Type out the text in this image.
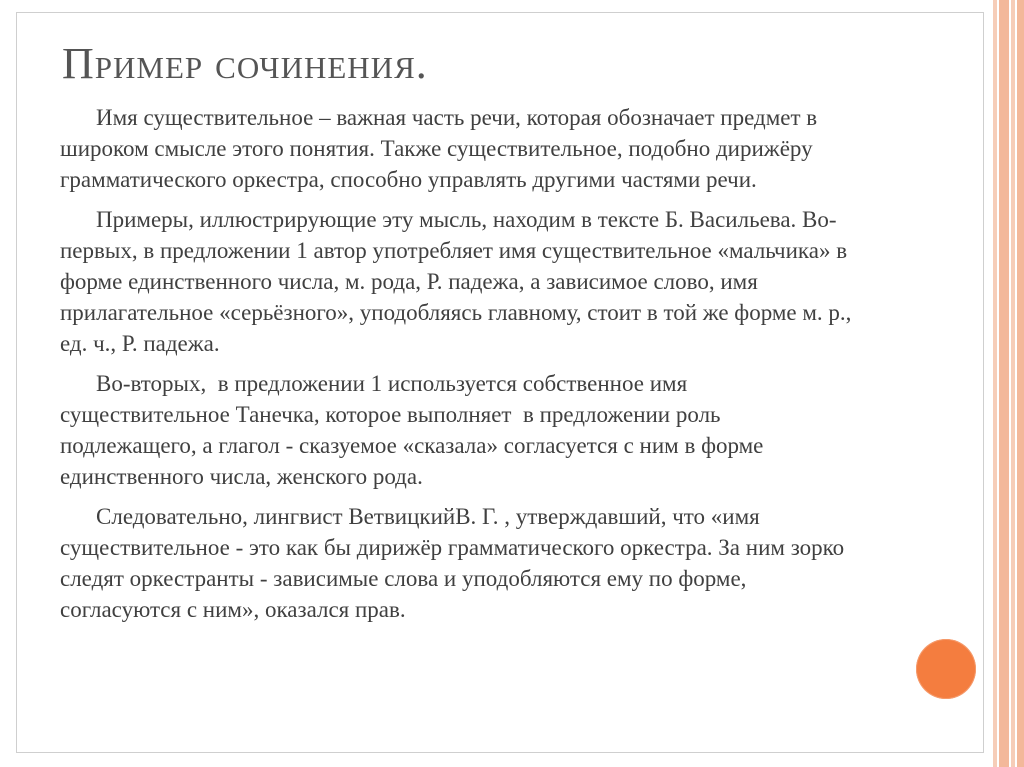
Пример сочинения.

Имя существительное – важная часть речи, которая обозначает предмет в широком смысле этого понятия. Также существительное, подобно дирижёру грамматического оркестра, способно управлять другими частями речи.

Примеры, иллюстрирующие эту мысль, находим в тексте Б. Васильева. Во-первых, в предложении 1 автор употребляет имя существительное «мальчика» в форме единственного числа, м. рода, Р. падежа, а зависимое слово, имя прилагательное «серьёзного», уподобляясь главному, стоит в той же форме м. р., ед. ч., Р. падежа.

Во-вторых,  в предложении 1 используется собственное имя существительное Танечка, которое выполняет  в предложении роль подлежащего, а глагол - сказуемое «сказала» согласуется с ним в форме единственного числа, женского рода.

Следовательно, лингвист ВетвицкийВ. Г. , утверждавший, что «имя существительное - это как бы дирижёр грамматического оркестра. За ним зорко следят оркестранты - зависимые слова и уподобляются ему по форме, согласуются с ним», оказался прав.
